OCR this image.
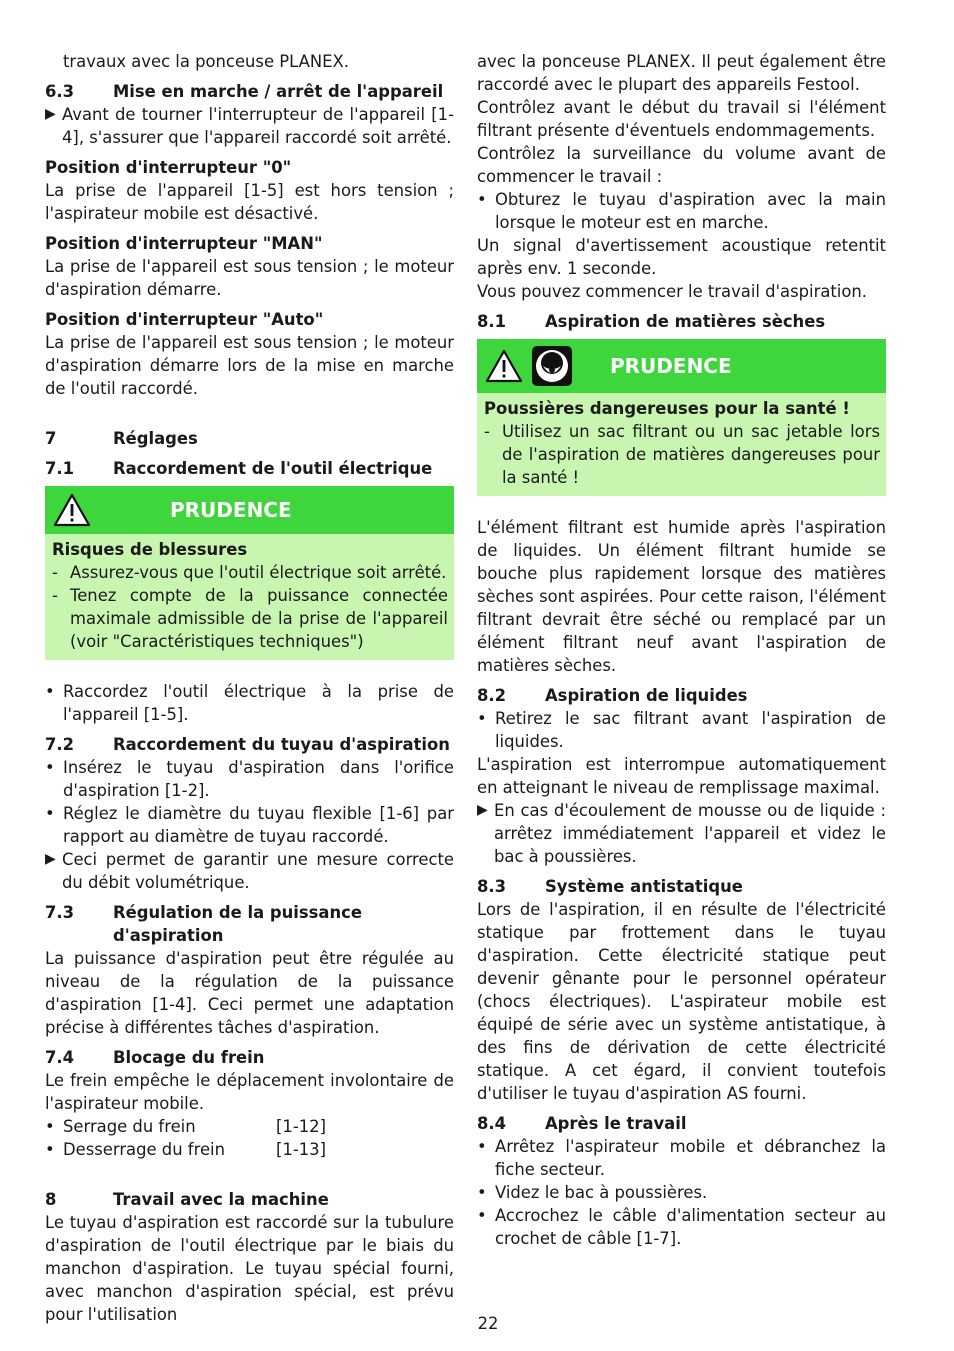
travaux avec la ponceuse PLANEX.

6.3	Mise en marche / arrêt de l'appareil
▶ Avant de tourner l'interrupteur de l'appareil [1-4], s'assurer que l'appareil raccordé soit arrêté.

Position d'interrupteur "0"

La prise de l'appareil [1-5] est hors tension ; l'aspirateur mobile est désactivé.

Position d'interrupteur "MAN"

La prise de l'appareil est sous tension ; le moteur d'aspiration démarre.

Position d'interrupteur "Auto"

La prise de l'appareil est sous tension ; le moteur d'aspiration démarre lors de la mise en marche de l'outil raccordé.

7	Réglages
7.1	Raccordement de l'outil électrique
PRUDENCE

Risques de blessures

- Assurez-vous que l'outil électrique soit arrêté.
- Tenez compte de la puissance connectée maximale admissible de la prise de l'appareil (voir "Caractéristiques techniques")
• Raccordez l'outil électrique à la prise de l'appareil [1-5].
7.2	Raccordement du tuyau d'aspiration
• Insérez le tuyau d'aspiration dans l'orifice d'aspiration [1-2].
• Réglez le diamètre du tuyau flexible [1-6] par rapport au diamètre de tuyau raccordé.
▶ Ceci permet de garantir une mesure correcte du débit volumétrique.
7.3	Régulation de la puissance d'aspiration

La puissance d'aspiration peut être régulée au niveau de la régulation de la puissance d'aspiration [1-4]. Ceci permet une adaptation précise à différentes tâches d'aspiration.

7.4	Blocage du frein

Le frein empêche le déplacement involontaire de l'aspirateur mobile.

• Serrage du frein	[1-12]
• Desserrage du frein	[1-13]
8	Travail avec la machine

Le tuyau d'aspiration est raccordé sur la tubulure d'aspiration de l'outil électrique par le biais du manchon d'aspiration. Le tuyau spécial fourni, avec manchon d'aspiration spécial, est prévu pour l'utilisation

avec la ponceuse PLANEX. Il peut également être raccordé avec le plupart des appareils Festool.

Contrôlez avant le début du travail si l'élément filtrant présente d'éventuels endommagements.

Contrôlez la surveillance du volume avant de commencer le travail :

• Obturez le tuyau d'aspiration avec la main lorsque le moteur est en marche.

Un signal d'avertissement acoustique retentit après env. 1 seconde.

Vous pouvez commencer le travail d'aspiration.

8.1	Aspiration de matières sèches
PRUDENCE

Poussières dangereuses pour la santé !

- Utilisez un sac filtrant ou un sac jetable lors de l'aspiration de matières dangereuses pour la santé !

L'élément filtrant est humide après l'aspiration de liquides. Un élément filtrant humide se bouche plus rapidement lorsque des matières sèches sont aspirées. Pour cette raison, l'élément filtrant devrait être séché ou remplacé par un élément filtrant neuf avant l'aspiration de matières sèches.

8.2	Aspiration de liquides
• Retirez le sac filtrant avant l'aspiration de liquides.

L'aspiration est interrompue automatiquement en atteignant le niveau de remplissage maximal.

▶ En cas d'écoulement de mousse ou de liquide : arrêtez immédiatement l'appareil et videz le bac à poussières.
8.3	Système antistatique

Lors de l'aspiration, il en résulte de l'électricité statique par frottement dans le tuyau d'aspiration. Cette électricité statique peut devenir gênante pour le personnel opérateur (chocs électriques). L'aspirateur mobile est équipé de série avec un système antistatique, à des fins de dérivation de cette électricité statique. A cet égard, il convient toutefois d'utiliser le tuyau d'aspiration AS fourni.

8.4	Après le travail
• Arrêtez l'aspirateur mobile et débranchez la fiche secteur.
• Videz le bac à poussières.
• Accrochez le câble d'alimentation secteur au crochet de câble [1-7].
22
